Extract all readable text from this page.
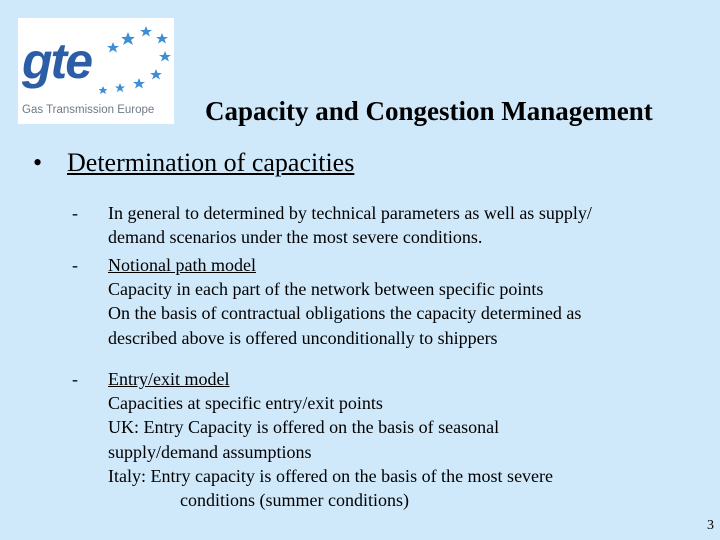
gte
Gas Transmission Europe Capacity and Congestion Management
• Determination of capacities
- In general to determined by technical parameters as well as supply/
demand scenarios under the most severe conditions.
- Notional path model
Capacity in each part of the network between specific points
On the basis of contractual obligations the capacity determined as
described above is offered unconditionally to shippers
- Entry/exit model
Capacities at specific entry/exit points
UK: Entry Capacity is offered on the basis of seasonal
supply/demand assumptions
Italy: Entry capacity is offered on the basis of the most severe
conditions (summer conditions)
3
